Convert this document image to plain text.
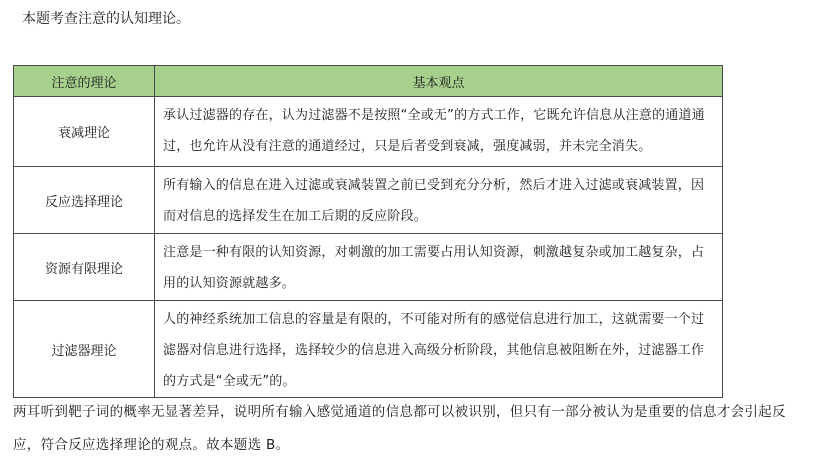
本题考查注意的认知理论。

注意的理论	基本观点
衰减理论	承认过滤器的存在，认为过滤器不是按照“全或无”的方式工作，它既允许信息从注意的通道通过，也允许从没有注意的通道经过，只是后者受到衰减，强度减弱，并未完全消失。
反应选择理论	所有输入的信息在进入过滤或衰减装置之前已受到充分分析，然后才进入过滤或衰减装置，因而对信息的选择发生在加工后期的反应阶段。
资源有限理论	注意是一种有限的认知资源，对刺激的加工需要占用认知资源，刺激越复杂或加工越复杂，占用的认知资源就越多。
过滤器理论	人的神经系统加工信息的容量是有限的，不可能对所有的感觉信息进行加工，这就需要一个过滤器对信息进行选择，选择较少的信息进入高级分析阶段，其他信息被阻断在外，过滤器工作的方式是“全或无”的。

两耳听到靶子词的概率无显著差异，说明所有输入感觉通道的信息都可以被识别，但只有一部分被认为是重要的信息才会引起反应，符合反应选择理论的观点。故本题选 B。
